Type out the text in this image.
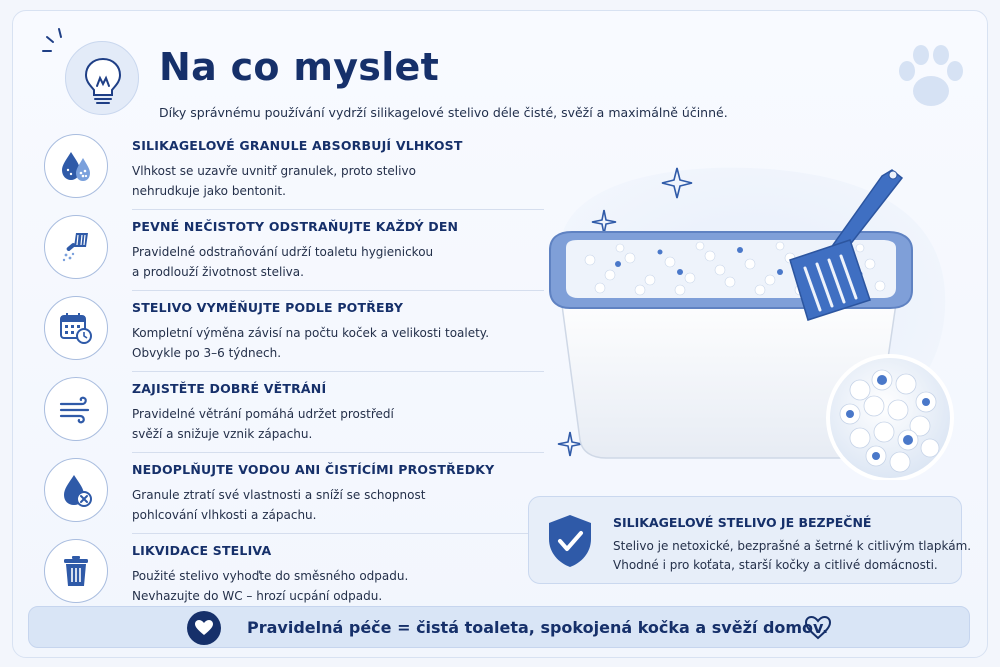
Na co myslet
Díky správnému používání vydrží silikagelové stelivo déle čisté, svěží a maximálně účinné.
SILIKAGELOVÉ GRANULE ABSORBUJÍ VLHKOST
Vlhkost se uzavře uvnitř granulek, proto stelivo
nehrudkuje jako bentonit.
PEVNÉ NEČISTOTY ODSTRAŇUJTE KAŽDÝ DEN
Pravidelné odstraňování udrží toaletu hygienickou
a prodlouží životnost steliva.
STELIVO VYMĚŇUJTE PODLE POTŘEBY
Kompletní výměna závisí na počtu koček a velikosti toalety.
Obvykle po 3–6 týdnech.
ZAJISTĚTE DOBRÉ VĚTRÁNÍ
Pravidelné větrání pomáhá udržet prostředí
svěží a snižuje vznik zápachu.
NEDOPLŇUJTE VODOU ANI ČISTÍCÍMI PROSTŘEDKY
Granule ztratí své vlastnosti a sníží se schopnost
pohlcování vlhkosti a zápachu.
LIKVIDACE STELIVA
Použité stelivo vyhoďte do směsného odpadu.
Nevhazujte do WC – hrozí ucpání odpadu.
SILIKAGELOVÉ STELIVO JE BEZPEČNÉ
Stelivo je netoxické, bezprašné a šetrné k citlivým tlapkám.
Vhodné i pro koťata, starší kočky a citlivé domácnosti.
Pravidelná péče = čistá toaleta, spokojená kočka a svěží domov.
